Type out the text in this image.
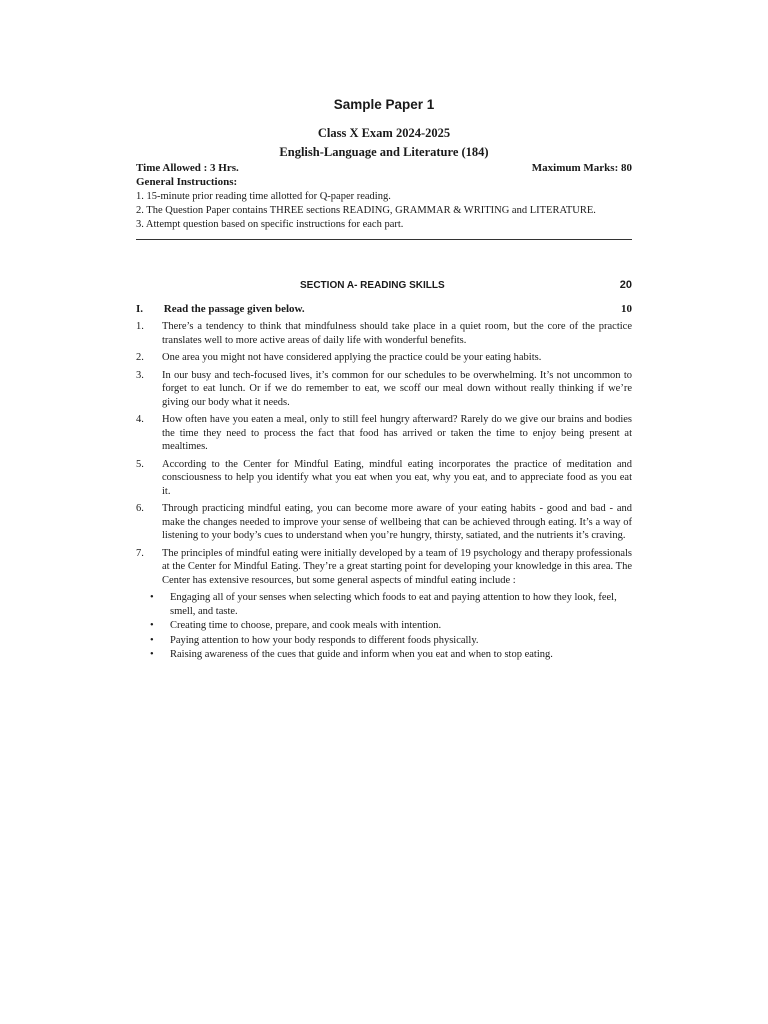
Sample Paper 1
Class X Exam 2024-2025
English-Language and Literature (184)
Time Allowed : 3 Hrs.	Maximum Marks: 80
General Instructions:
1. 15-minute prior reading time allotted for Q-paper reading.
2. The Question Paper contains THREE sections READING, GRAMMAR & WRITING and LITERATURE.
3. Attempt question based on specific instructions for each part.
SECTION A- READING SKILLS	20
I. Read the passage given below.	10
1.	There’s a tendency to think that mindfulness should take place in a quiet room, but the core of the practice translates well to more active areas of daily life with wonderful benefits.
2.	One area you might not have considered applying the practice could be your eating habits.
3.	In our busy and tech-focused lives, it’s common for our schedules to be overwhelming. It’s not uncommon to forget to eat lunch. Or if we do remember to eat, we scoff our meal down without really thinking if we’re giving our body what it needs.
4.	How often have you eaten a meal, only to still feel hungry afterward? Rarely do we give our brains and bodies the time they need to process the fact that food has arrived or taken the time to enjoy being present at mealtimes.
5.	According to the Center for Mindful Eating, mindful eating incorporates the practice of meditation and consciousness to help you identify what you eat when you eat, why you eat, and to appreciate food as you eat it.
6.	Through practicing mindful eating, you can become more aware of your eating habits - good and bad - and make the changes needed to improve your sense of wellbeing that can be achieved through eating. It’s a way of listening to your body’s cues to understand when you’re hungry, thirsty, satiated, and the nutrients it’s craving.
7.	The principles of mindful eating were initially developed by a team of 19 psychology and therapy professionals at the Center for Mindful Eating. They’re a great starting point for developing your knowledge in this area. The Center has extensive resources, but some general aspects of mindful eating include :
•	Engaging all of your senses when selecting which foods to eat and paying attention to how they look, feel, smell, and taste.
•	Creating time to choose, prepare, and cook meals with intention.
•	Paying attention to how your body responds to different foods physically.
•	Raising awareness of the cues that guide and inform when you eat and when to stop eating.
